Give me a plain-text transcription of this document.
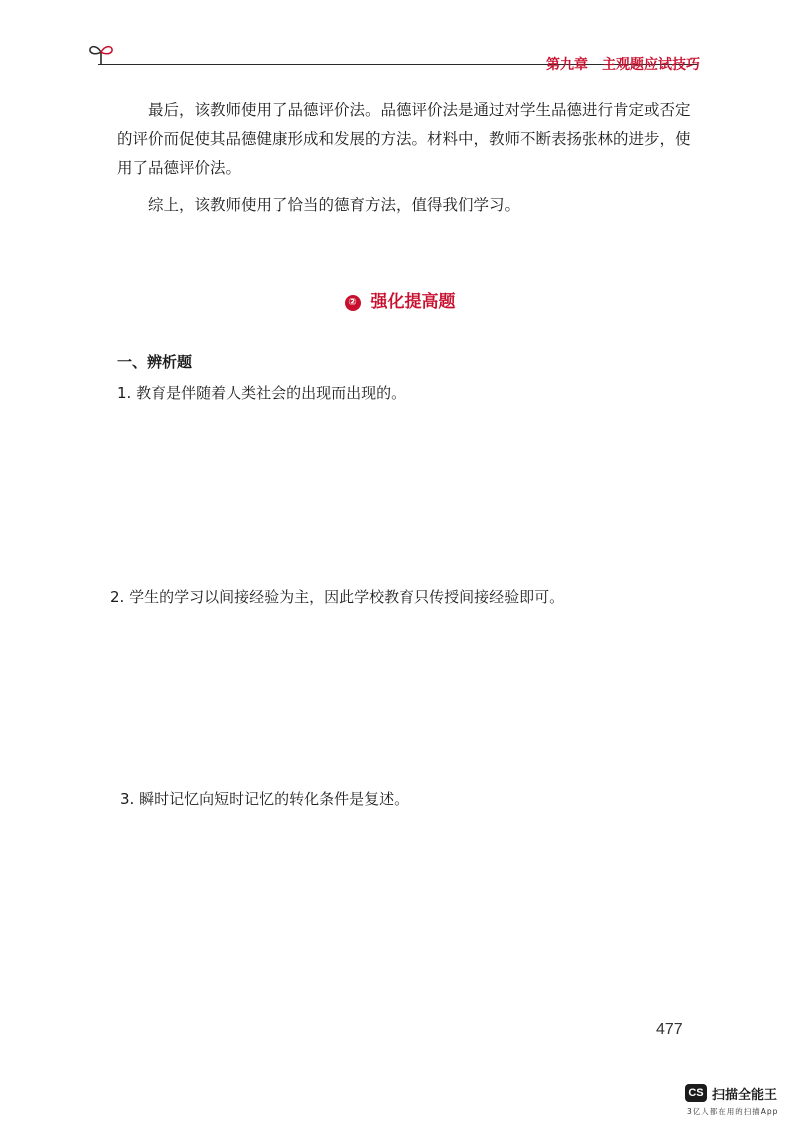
第九章 主观题应试技巧
最后，该教师使用了品德评价法。品德评价法是通过对学生品德进行肯定或否定的评价而促使其品德健康形成和发展的方法。材料中，教师不断表扬张林的进步，使用了品德评价法。
综上，该教师使用了恰当的德育方法，值得我们学习。
② 强化提高题
一、辨析题
1. 教育是伴随着人类社会的出现而出现的。
2. 学生的学习以间接经验为主，因此学校教育只传授间接经验即可。
3. 瞬时记忆向短时记忆的转化条件是复述。
477
CS 扫描全能王
3亿人都在用的扫描App
